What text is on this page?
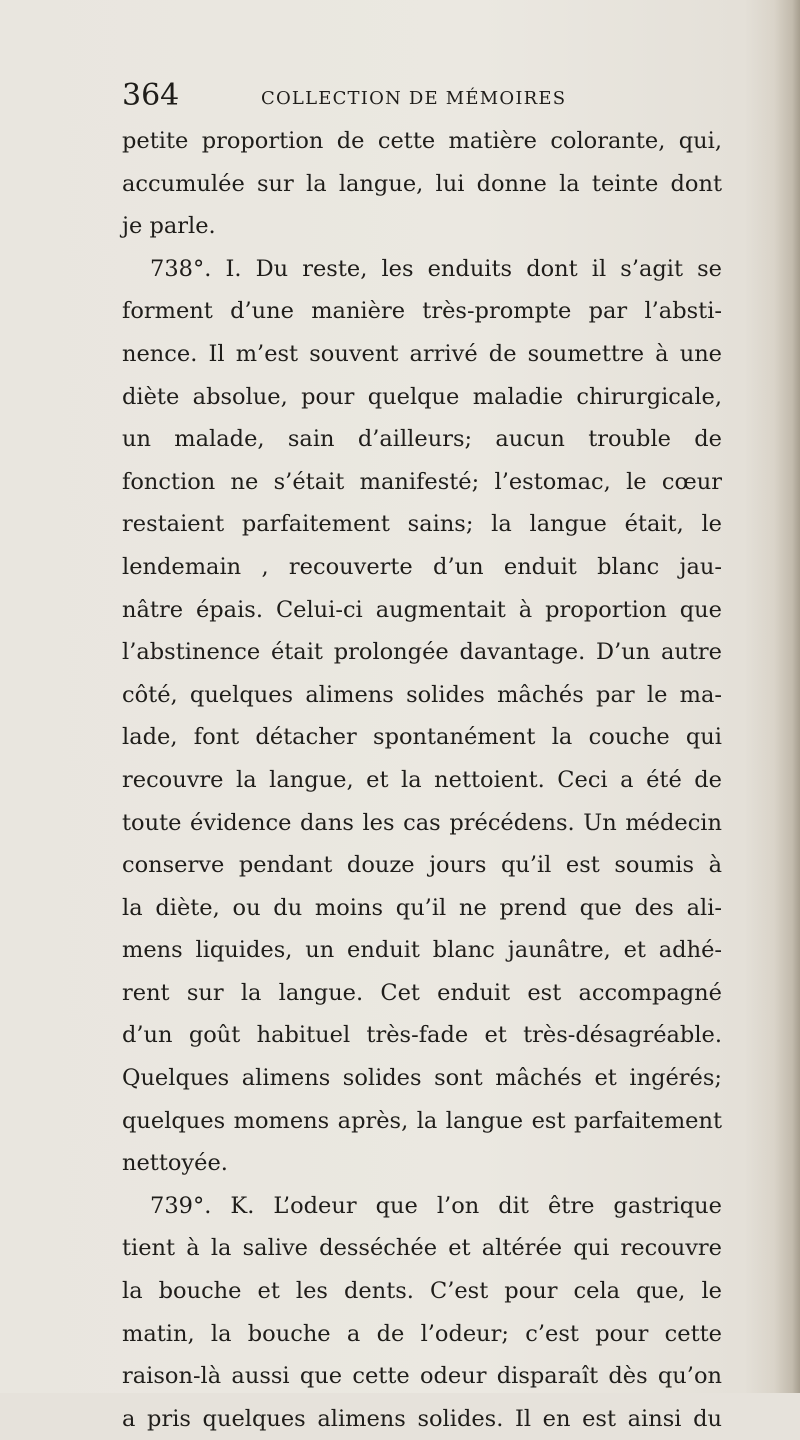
364	COLLECTION DE MÉMOIRES
petite proportion de cette matière colorante, qui,
accumulée sur la langue, lui donne la teinte dont
je parle.
738°. I. Du reste, les enduits dont il s’agit se
forment d’une manière très-prompte par l’absti-
nence. Il m’est souvent arrivé de soumettre à une
diète absolue, pour quelque maladie chirurgicale,
un malade, sain d’ailleurs; aucun trouble de
fonction ne s’était manifesté; l’estomac, le cœur
restaient parfaitement sains; la langue était, le
lendemain , recouverte d’un enduit blanc jau-
nâtre épais. Celui-ci augmentait à proportion que
l’abstinence était prolongée davantage. D’un autre
côté, quelques alimens solides mâchés par le ma-
lade, font détacher spontanément la couche qui
recouvre la langue, et la nettoient. Ceci a été de
toute évidence dans les cas précédens. Un médecin
conserve pendant douze jours qu’il est soumis à
la diète, ou du moins qu’il ne prend que des ali-
mens liquides, un enduit blanc jaunâtre, et adhé-
rent sur la langue. Cet enduit est accompagné
d’un goût habituel très-fade et très-désagréable.
Quelques alimens solides sont mâchés et ingérés;
quelques momens après, la langue est parfaitement
nettoyée.
739°. K. L’odeur que l’on dit être gastrique
tient à la salive desséchée et altérée qui recouvre
la bouche et les dents. C’est pour cela que, le
matin, la bouche a de l’odeur; c’est pour cette
raison-là aussi que cette odeur disparaît dès qu’on
a pris quelques alimens solides. Il en est ainsi du
